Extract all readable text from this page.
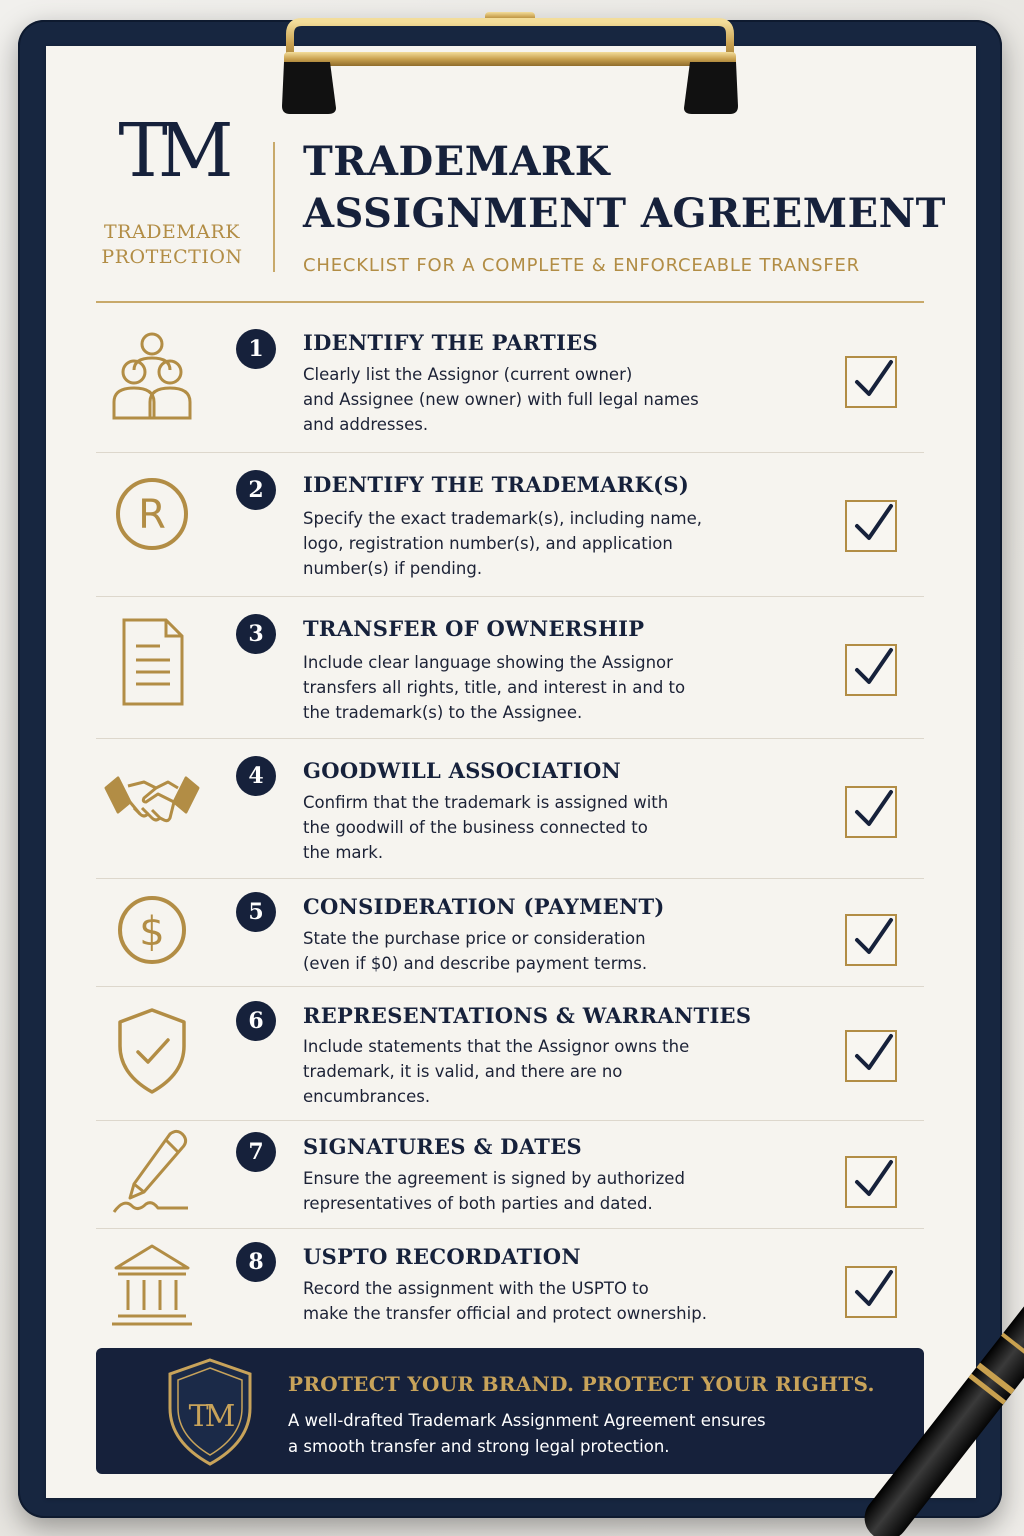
TM
TRADEMARK
PROTECTION
TRADEMARK
ASSIGNMENT AGREEMENT
CHECKLIST FOR A COMPLETE & ENFORCEABLE TRANSFER
1	IDENTIFY THE PARTIES
Clearly list the Assignor (current owner)
and Assignee (new owner) with full legal names
and addresses.
R
2	IDENTIFY THE TRADEMARK(S)
Specify the exact trademark(s), including name,
logo, registration number(s), and application
number(s) if pending.
3	TRANSFER OF OWNERSHIP
Include clear language showing the Assignor
transfers all rights, title, and interest in and to
the trademark(s) to the Assignee.
4	GOODWILL ASSOCIATION
Confirm that the trademark is assigned with
the goodwill of the business connected to
the mark.
$	5	CONSIDERATION (PAYMENT)
State the purchase price or consideration
(even if $0) and describe payment terms.
6	REPRESENTATIONS & WARRANTIES
Include statements that the Assignor owns the
trademark, it is valid, and there are no
encumbrances.
7	SIGNATURES & DATES
Ensure the agreement is signed by authorized
representatives of both parties and dated.
8	USPTO RECORDATION
Record the assignment with the USPTO to
make the transfer official and protect ownership.
TM
PROTECT YOUR BRAND. PROTECT YOUR RIGHTS.
A well-drafted Trademark Assignment Agreement ensures
a smooth transfer and strong legal protection.
